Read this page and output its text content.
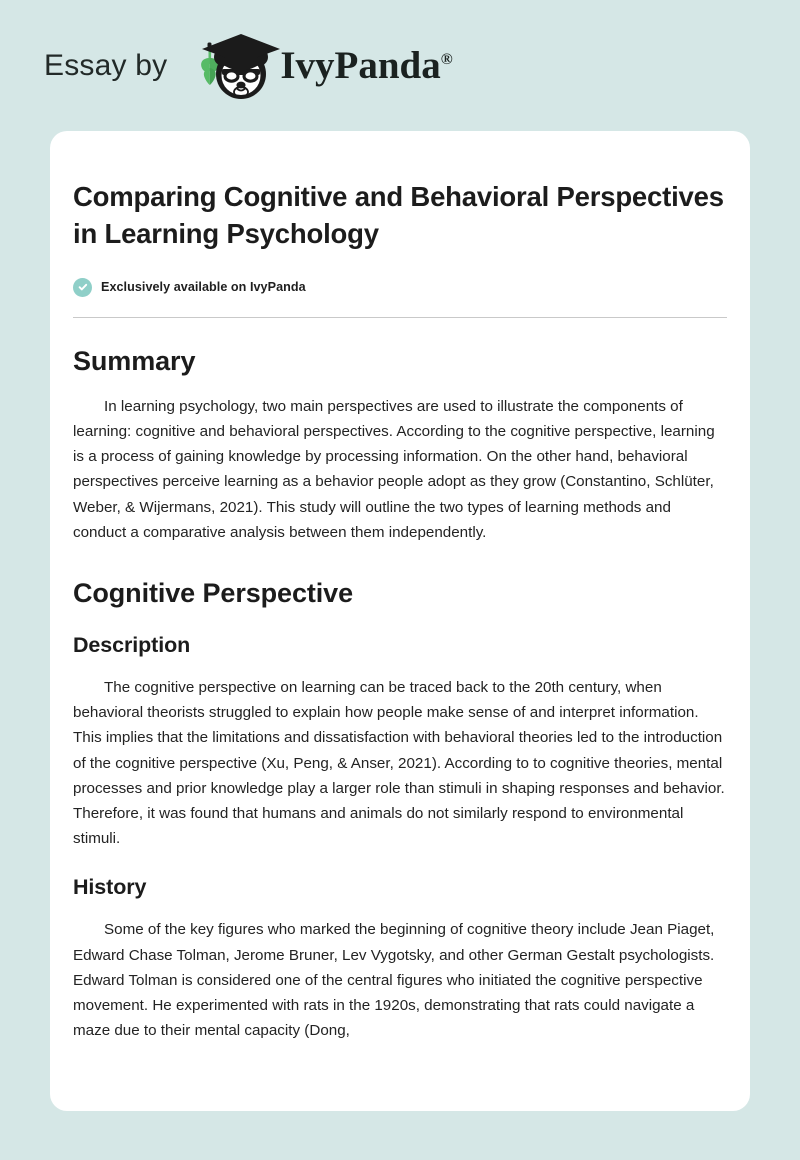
Essay by	IvyPanda®
Comparing Cognitive and Behavioral Perspectives in Learning Psychology
Exclusively available on IvyPanda
Summary

In learning psychology, two main perspectives are used to illustrate the components of learning: cognitive and behavioral perspectives. According to the cognitive perspective, learning is a process of gaining knowledge by processing information. On the other hand, behavioral perspectives perceive learning as a behavior people adopt as they grow (Constantino, Schlüter, Weber, & Wijermans, 2021). This study will outline the two types of learning methods and conduct a comparative analysis between them independently.

Cognitive Perspective
Description

The cognitive perspective on learning can be traced back to the 20th century, when behavioral theorists struggled to explain how people make sense of and interpret information. This implies that the limitations and dissatisfaction with behavioral theories led to the introduction of the cognitive perspective (Xu, Peng, & Anser, 2021). According to to cognitive theories, mental processes and prior knowledge play a larger role than stimuli in shaping responses and behavior. Therefore, it was found that humans and animals do not similarly respond to environmental stimuli.

History

Some of the key figures who marked the beginning of cognitive theory include Jean Piaget, Edward Chase Tolman, Jerome Bruner, Lev Vygotsky, and other German Gestalt psychologists. Edward Tolman is considered one of the central figures who initiated the cognitive perspective movement. He experimented with rats in the 1920s, demonstrating that rats could navigate a maze due to their mental capacity (Dong,
